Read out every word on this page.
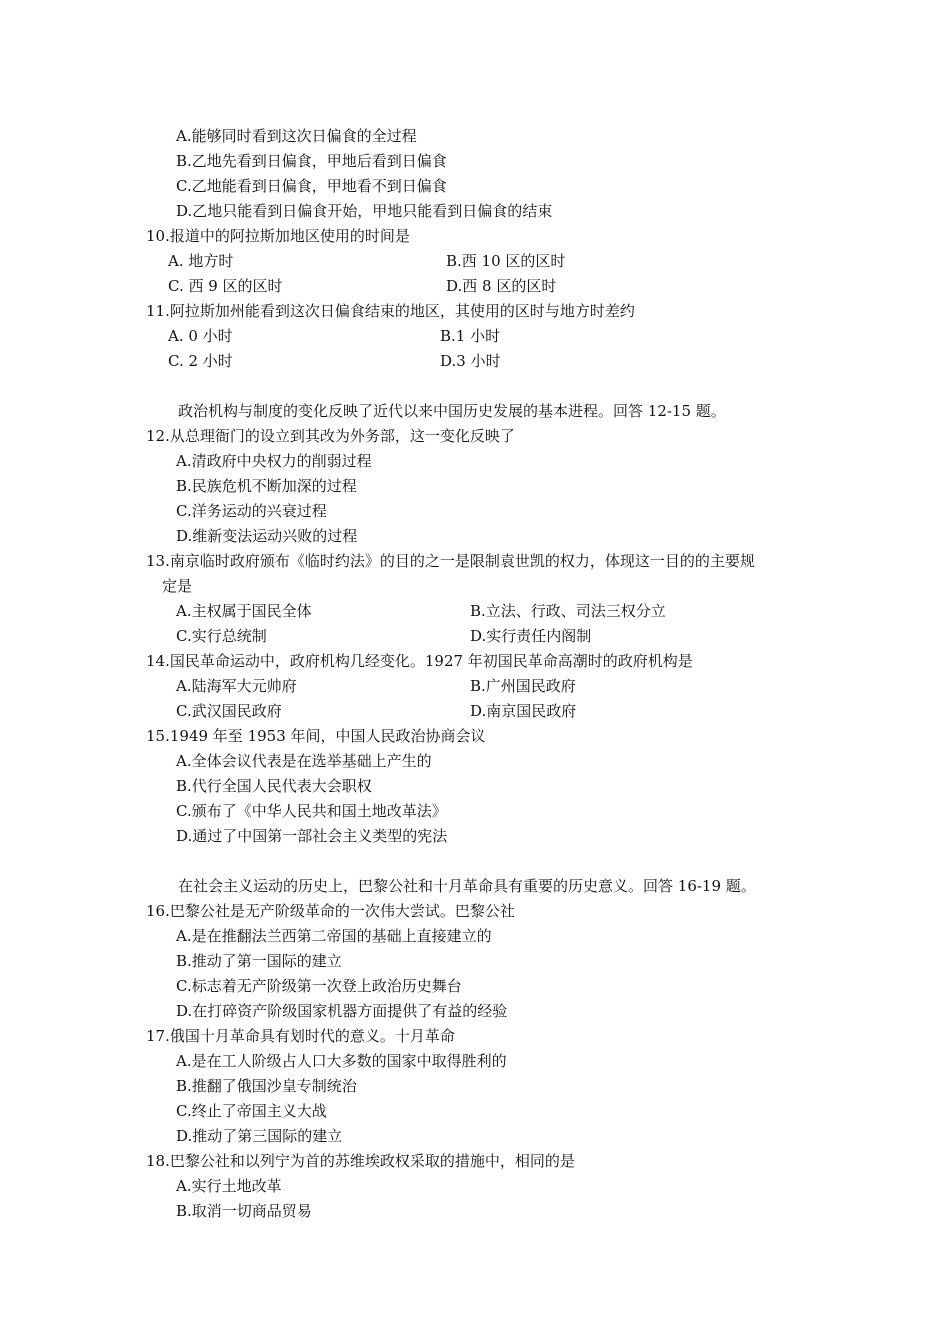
A.能够同时看到这次日偏食的全过程
B.乙地先看到日偏食，甲地后看到日偏食
C.乙地能看到日偏食，甲地看不到日偏食
D.乙地只能看到日偏食开始，甲地只能看到日偏食的结束
10.报道中的阿拉斯加地区使用的时间是
A. 地方时	B.西 10 区的区时
C. 西 9 区的区时	D.西 8 区的区时
11.阿拉斯加州能看到这次日偏食结束的地区，其使用的区时与地方时差约
A. 0 小时	B.1 小时
C. 2 小时	D.3 小时
政治机构与制度的变化反映了近代以来中国历史发展的基本进程。回答 12-15 题。
12.从总理衙门的设立到其改为外务部，这一变化反映了
A.清政府中央权力的削弱过程
B.民族危机不断加深的过程
C.洋务运动的兴衰过程
D.维新变法运动兴败的过程
13.南京临时政府颁布《临时约法》的目的之一是限制袁世凯的权力，体现这一目的的主要规
定是
A.主权属于国民全体	B.立法、行政、司法三权分立
C.实行总统制	D.实行责任内阁制
14.国民革命运动中，政府机构几经变化。1927 年初国民革命高潮时的政府机构是
A.陆海军大元帅府	B.广州国民政府
C.武汉国民政府	D.南京国民政府
15.1949 年至 1953 年间，中国人民政治协商会议
A.全体会议代表是在选举基础上产生的
B.代行全国人民代表大会职权
C.颁布了《中华人民共和国土地改革法》
D.通过了中国第一部社会主义类型的宪法
在社会主义运动的历史上，巴黎公社和十月革命具有重要的历史意义。回答 16-19 题。
16.巴黎公社是无产阶级革命的一次伟大尝试。巴黎公社
A.是在推翻法兰西第二帝国的基础上直接建立的
B.推动了第一国际的建立
C.标志着无产阶级第一次登上政治历史舞台
D.在打碎资产阶级国家机器方面提供了有益的经验
17.俄国十月革命具有划时代的意义。十月革命
A.是在工人阶级占人口大多数的国家中取得胜利的
B.推翻了俄国沙皇专制统治
C.终止了帝国主义大战
D.推动了第三国际的建立
18.巴黎公社和以列宁为首的苏维埃政权采取的措施中，相同的是
A.实行土地改革
B.取消一切商品贸易
